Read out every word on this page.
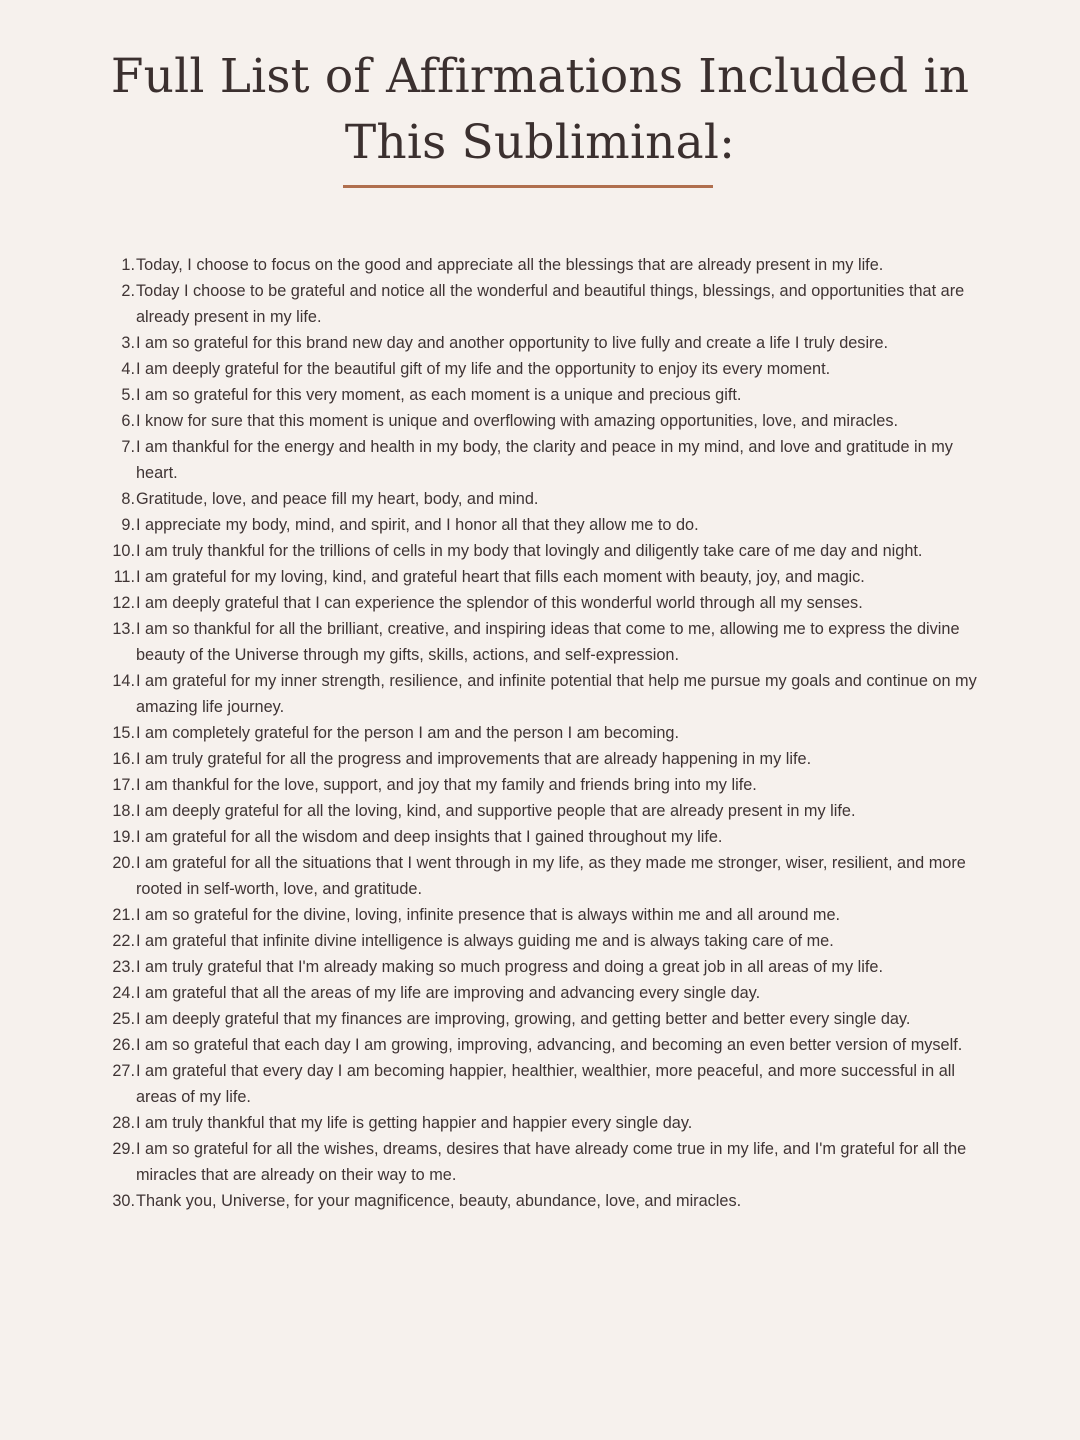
Full List of Affirmations Included in This Subliminal:
1. Today, I choose to focus on the good and appreciate all the blessings that are already present in my life.
2. Today I choose to be grateful and notice all the wonderful and beautiful things, blessings, and opportunities that are already present in my life.
3. I am so grateful for this brand new day and another opportunity to live fully and create a life I truly desire.
4. I am deeply grateful for the beautiful gift of my life and the opportunity to enjoy its every moment.
5. I am so grateful for this very moment, as each moment is a unique and precious gift.
6. I know for sure that this moment is unique and overflowing with amazing opportunities, love, and miracles.
7. I am thankful for the energy and health in my body, the clarity and peace in my mind, and love and gratitude in my heart.
8. Gratitude, love, and peace fill my heart, body, and mind.
9. I appreciate my body, mind, and spirit, and I honor all that they allow me to do.
10. I am truly thankful for the trillions of cells in my body that lovingly and diligently take care of me day and night.
11. I am grateful for my loving, kind, and grateful heart that fills each moment with beauty, joy, and magic.
12. I am deeply grateful that I can experience the splendor of this wonderful world through all my senses.
13. I am so thankful for all the brilliant, creative, and inspiring ideas that come to me, allowing me to express the divine beauty of the Universe through my gifts, skills, actions, and self-expression.
14. I am grateful for my inner strength, resilience, and infinite potential that help me pursue my goals and continue on my amazing life journey.
15. I am completely grateful for the person I am and the person I am becoming.
16. I am truly grateful for all the progress and improvements that are already happening in my life.
17. I am thankful for the love, support, and joy that my family and friends bring into my life.
18. I am deeply grateful for all the loving, kind, and supportive people that are already present in my life.
19. I am grateful for all the wisdom and deep insights that I gained throughout my life.
20. I am grateful for all the situations that I went through in my life, as they made me stronger, wiser, resilient, and more rooted in self-worth, love, and gratitude.
21. I am so grateful for the divine, loving, infinite presence that is always within me and all around me.
22. I am grateful that infinite divine intelligence is always guiding me and is always taking care of me.
23. I am truly grateful that I'm already making so much progress and doing a great job in all areas of my life.
24. I am grateful that all the areas of my life are improving and advancing every single day.
25. I am deeply grateful that my finances are improving, growing, and getting better and better every single day.
26. I am so grateful that each day I am growing, improving, advancing, and becoming an even better version of myself.
27. I am grateful that every day I am becoming happier, healthier, wealthier, more peaceful, and more successful in all areas of my life.
28. I am truly thankful that my life is getting happier and happier every single day.
29. I am so grateful for all the wishes, dreams, desires that have already come true in my life, and I'm grateful for all the miracles that are already on their way to me.
30. Thank you, Universe, for your magnificence, beauty, abundance, love, and miracles.
